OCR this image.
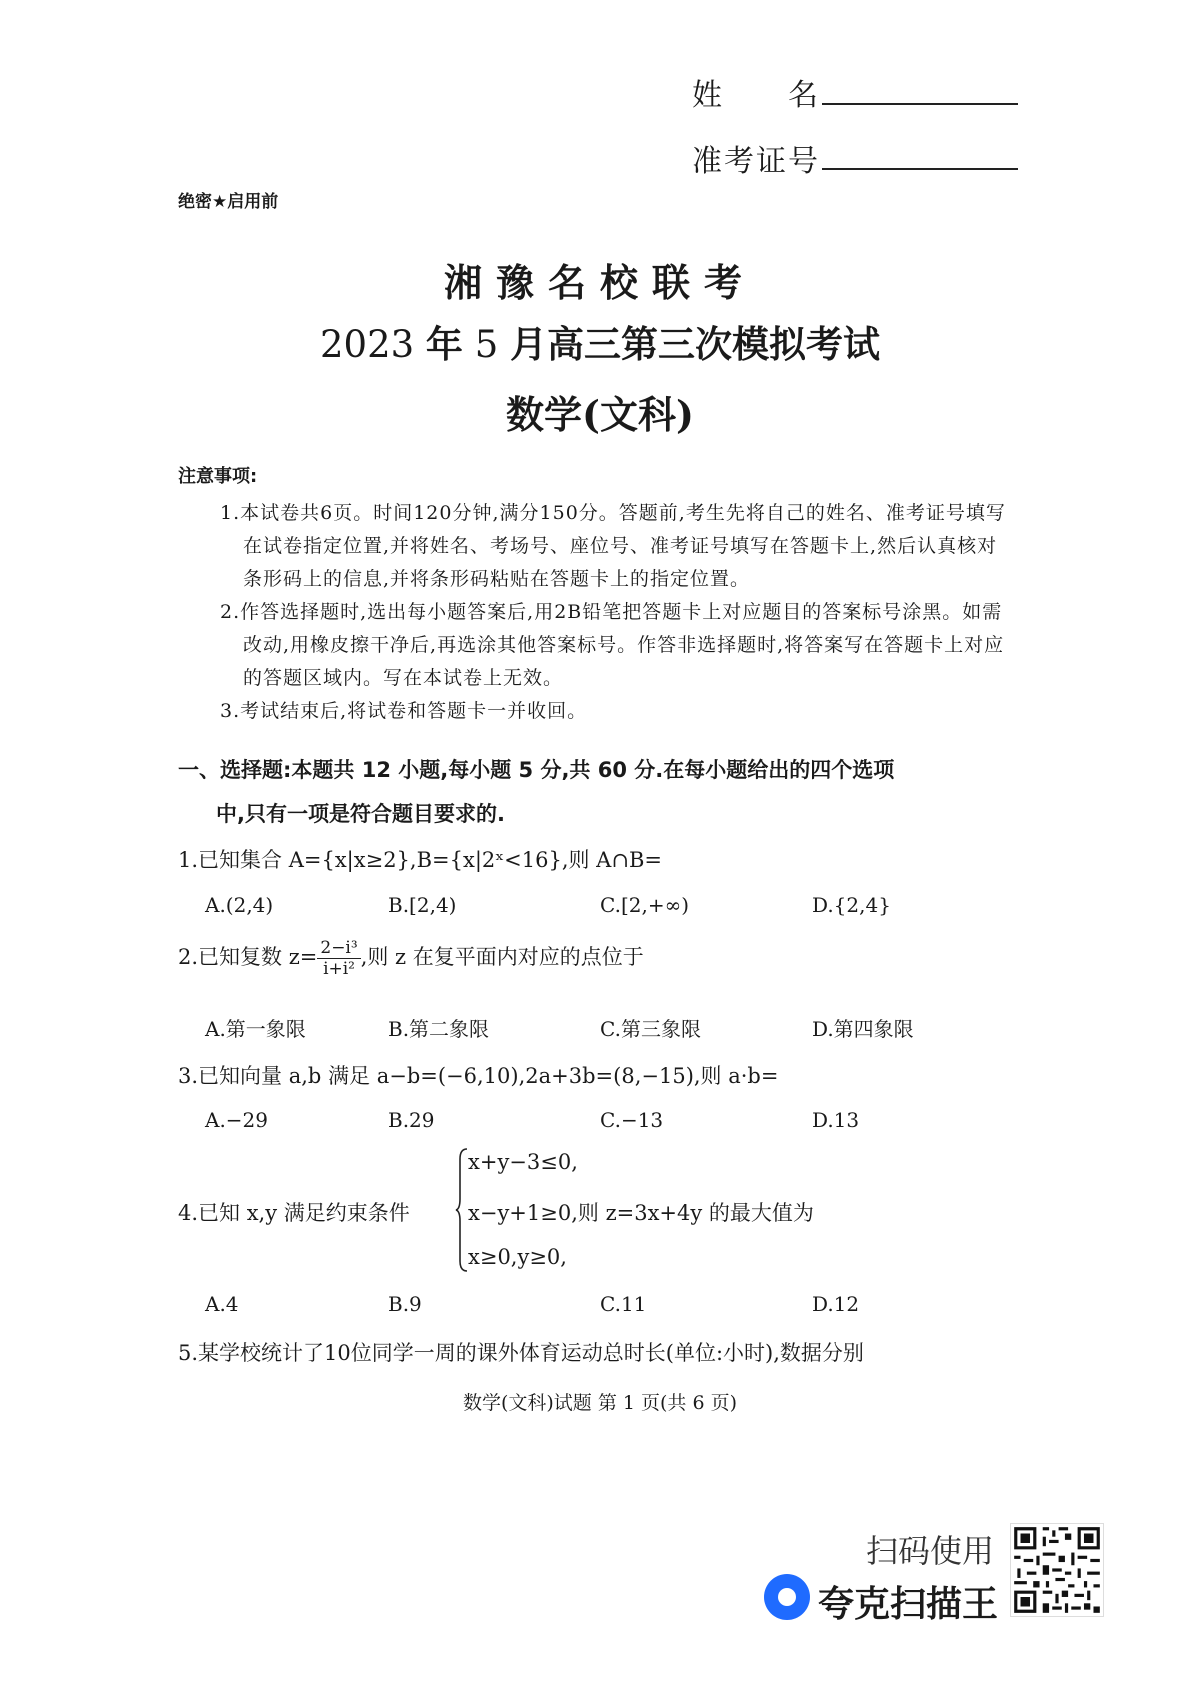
姓　　名
准考证号
绝密★启用前
湘豫名校联考
2023 年 5 月高三第三次模拟考试
数学(文科)
注意事项:
1.本试卷共6页。时间120分钟,满分150分。答题前,考生先将自己的姓名、准考证号填写在试卷指定位置,并将姓名、考场号、座位号、准考证号填写在答题卡上,然后认真核对条形码上的信息,并将条形码粘贴在答题卡上的指定位置。
2.作答选择题时,选出每小题答案后,用2B铅笔把答题卡上对应题目的答案标号涂黑。如需改动,用橡皮擦干净后,再选涂其他答案标号。作答非选择题时,将答案写在答题卡上对应的答题区域内。写在本试卷上无效。
3.考试结束后,将试卷和答题卡一并收回。
一、选择题:本题共 12 小题,每小题 5 分,共 60 分.在每小题给出的四个选项
中,只有一项是符合题目要求的.
1.已知集合 A={x|x≥2},B={x|2ˣ<16},则 A∩B=
A.(2,4)	B.[2,4)	C.[2,+∞)	D.{2,4}
2.已知复数 $z= \frac{\text{2−i³}}{\text{i+i²}}$ ,则 z 在复平面内对应的点位于
A.第一象限	B.第二象限	C.第三象限	D.第四象限
3.已知向量 a,b 满足 a−b=(−6,10),2a+3b=(8,−15),则 a·b=
A.−29	B.29	C.−13	D.13
4.已知 x,y 满足约束条件
x+y−3≤0,
x−y+1≥0,则 z=3x+4y 的最大值为
x≥0,y≥0,
A.4	B.9	C.11	D.12
5.某学校统计了10位同学一周的课外体育运动总时长(单位:小时),数据分别
数学(文科)试题 第 1 页(共 6 页)
扫码使用
夸克扫描王
